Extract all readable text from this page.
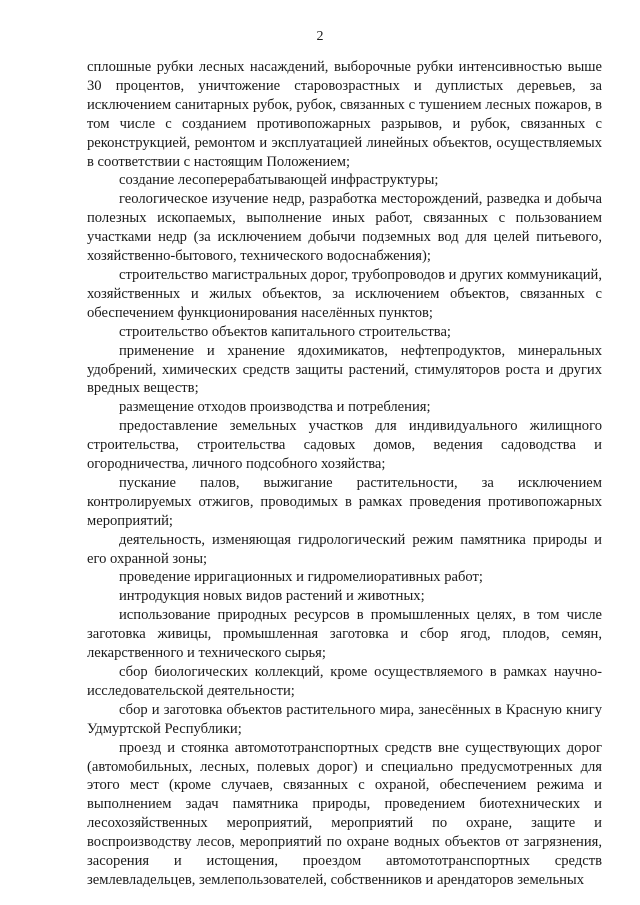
2

сплошные рубки лесных насаждений, выборочные рубки интенсивностью выше 30 процентов, уничтожение старовозрастных и дуплистых деревьев, за исключением санитарных рубок, рубок, связанных с тушением лесных пожаров, в том числе с созданием противопожарных разрывов, и рубок, связанных с реконструкцией, ремонтом и эксплуатацией линейных объектов, осуществляемых в соответствии с настоящим Положением;

создание лесоперерабатывающей инфраструктуры;

геологическое изучение недр, разработка месторождений, разведка и добыча полезных ископаемых, выполнение иных работ, связанных с пользованием участками недр (за исключением добычи подземных вод для целей питьевого, хозяйственно-бытового, технического водоснабжения);

строительство магистральных дорог, трубопроводов и других коммуникаций, хозяйственных и жилых объектов, за исключением объектов, связанных с обеспечением функционирования населённых пунктов;

строительство объектов капитального строительства;

применение и хранение ядохимикатов, нефтепродуктов, минеральных удобрений, химических средств защиты растений, стимуляторов роста и других вредных веществ;

размещение отходов производства и потребления;

предоставление земельных участков для индивидуального жилищного строительства, строительства садовых домов, ведения садоводства и огородничества, личного подсобного хозяйства;

пускание палов, выжигание растительности, за исключением контролируемых отжигов, проводимых в рамках проведения противопожарных мероприятий;

деятельность, изменяющая гидрологический режим памятника природы и его охранной зоны;

проведение ирригационных и гидромелиоративных работ;

интродукция новых видов растений и животных;

использование природных ресурсов в промышленных целях, в том числе заготовка живицы, промышленная заготовка и сбор ягод, плодов, семян, лекарственного и технического сырья;

сбор биологических коллекций, кроме осуществляемого в рамках научно-исследовательской деятельности;

сбор и заготовка объектов растительного мира, занесённых в Красную книгу Удмуртской Республики;

проезд и стоянка автомототранспортных средств вне существующих дорог (автомобильных, лесных, полевых дорог) и специально предусмотренных для этого мест (кроме случаев, связанных с охраной, обеспечением режима и выполнением задач памятника природы, проведением биотехнических и лесохозяйственных мероприятий, мероприятий по охране, защите и воспроизводству лесов, мероприятий по охране водных объектов от загрязнения, засорения и истощения, проездом автомототранспортных средств землевладельцев, землепользователей, собственников и арендаторов земельных
